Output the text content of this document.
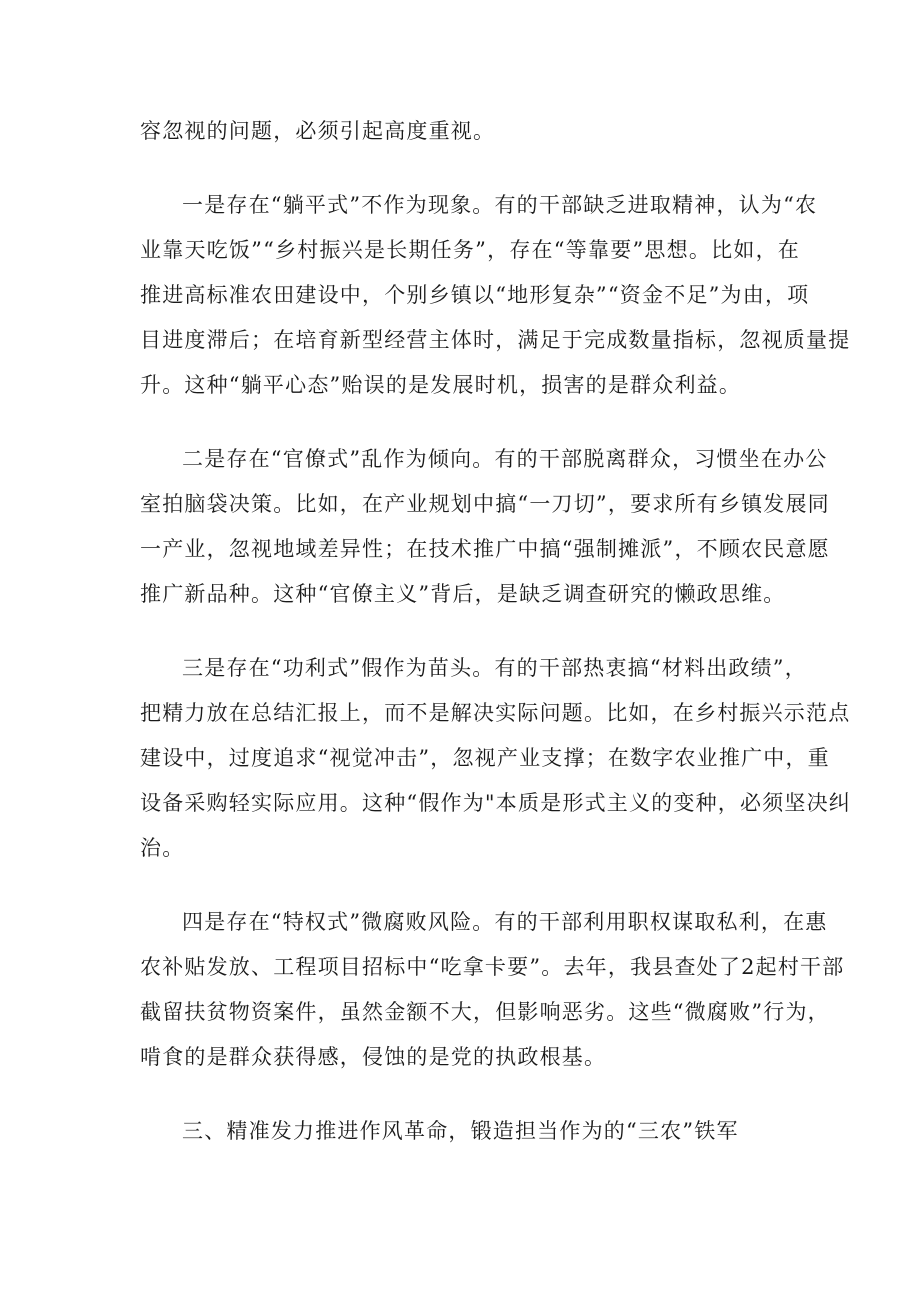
容忽视的问题，必须引起高度重视。
一是存在“躺平式”不作为现象。有的干部缺乏进取精神，认为“农
业靠天吃饭”“乡村振兴是长期任务”，存在“等靠要”思想。比如，在
推进高标准农田建设中，个别乡镇以“地形复杂”“资金不足”为由，项
目进度滞后；在培育新型经营主体时，满足于完成数量指标，忽视质量提
升。这种“躺平心态”贻误的是发展时机，损害的是群众利益。
二是存在“官僚式”乱作为倾向。有的干部脱离群众，习惯坐在办公
室拍脑袋决策。比如，在产业规划中搞“一刀切”，要求所有乡镇发展同
一产业，忽视地域差异性；在技术推广中搞“强制摊派”，不顾农民意愿
推广新品种。这种“官僚主义”背后，是缺乏调查研究的懒政思维。
三是存在“功利式”假作为苗头。有的干部热衷搞“材料出政绩”，
把精力放在总结汇报上，而不是解决实际问题。比如，在乡村振兴示范点
建设中，过度追求“视觉冲击”，忽视产业支撑；在数字农业推广中，重
设备采购轻实际应用。这种“假作为"本质是形式主义的变种，必须坚决纠
治。
四是存在“特权式”微腐败风险。有的干部利用职权谋取私利，在惠
农补贴发放、工程项目招标中“吃拿卡要”。去年，我县查处了2起村干部
截留扶贫物资案件，虽然金额不大，但影响恶劣。这些“微腐败”行为，
啃食的是群众获得感，侵蚀的是党的执政根基。
三、精准发力推进作风革命，锻造担当作为的“三农”铁军
